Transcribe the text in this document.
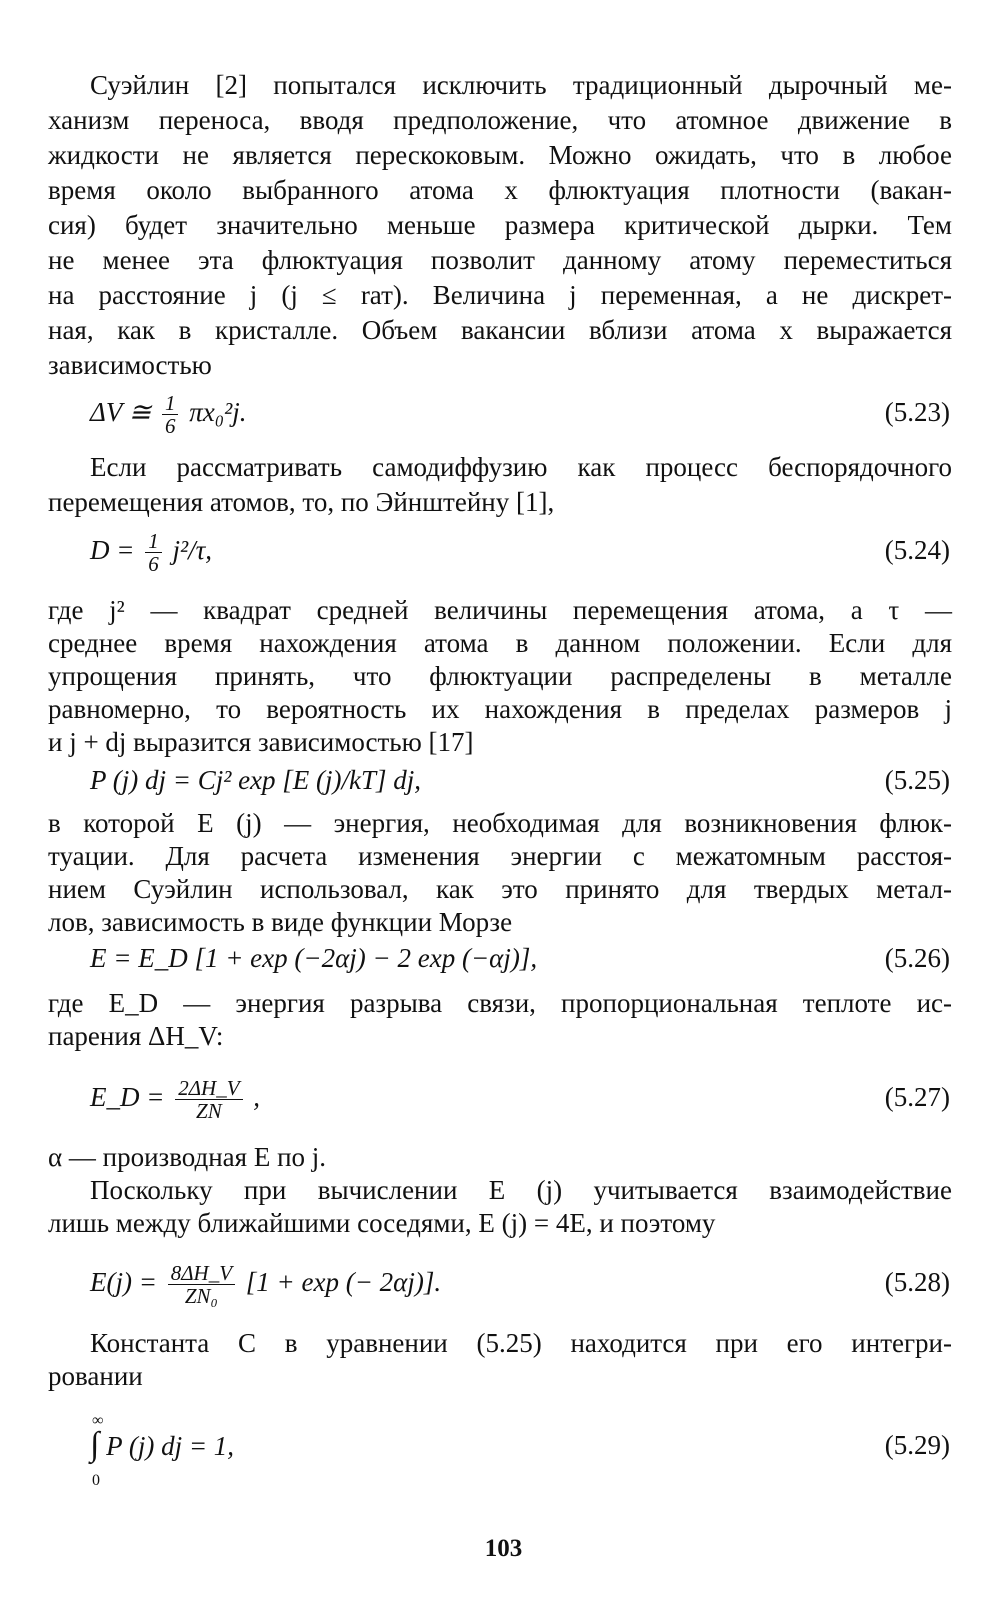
Суэйлин [2] попытался исключить традиционный дырочный ме-
ханизм переноса, вводя предположение, что атомное движение в
жидкости не является перескоковым. Можно ожидать, что в любое
время около выбранного атома x флюктуация плотности (вакан-
сия) будет значительно меньше размера критической дырки. Тем
не менее эта флюктуация позволит данному атому переместиться
на расстояние j (j ≤ rат). Величина j переменная, а не дискрет-
ная, как в кристалле. Объем вакансии вблизи атома x выражается
зависимостью
ΔV ≅ $\frac{1}{6} \pi x_0^2j$.	(5.23)
Если рассматривать самодиффузию как процесс беспорядочного
перемещения атомов, то, по Эйнштейну [1],
$D = \frac{1}{6} j^2/\tau$,	(5.24)
где j² — квадрат средней величины перемещения атома, а τ —
среднее время нахождения атома в данном положении. Если для
упрощения принять, что флюктуации распределены в металле
равномерно, то вероятность их нахождения в пределах размеров j
и j + dj выразится зависимостью [17]
P (j) dj = Cj² exp [E (j)/kT] dj,	(5.25)
в которой E (j) — энергия, необходимая для возникновения флюк-
туации. Для расчета изменения энергии с межатомным расстоя-
нием Суэйлин использовал, как это принято для твердых метал-
лов, зависимость в виде функции Морзе
E = E_D [1 + exp (−2αj) − 2 exp (−αj)],	(5.26)
где E_D — энергия разрыва связи, пропорциональная теплоте ис-
парения ΔH_V:
E_D = $\frac{2\Delta H\_V}{ZN}$ ,	(5.27)
α — производная E по j.
Поскольку при вычислении E (j) учитывается взаимодействие
лишь между ближайшими соседями, E (j) = 4E, и поэтому
$E(j) = \frac{8\Delta H\_V}{\text{ZN₀}} [1 + \exp$ (− 2αj)].	(5.28)
Константа C в уравнении (5.25) находится при его интегри-
ровании
∫
∞
0
P (j) dj = 1,	(5.29)
103
